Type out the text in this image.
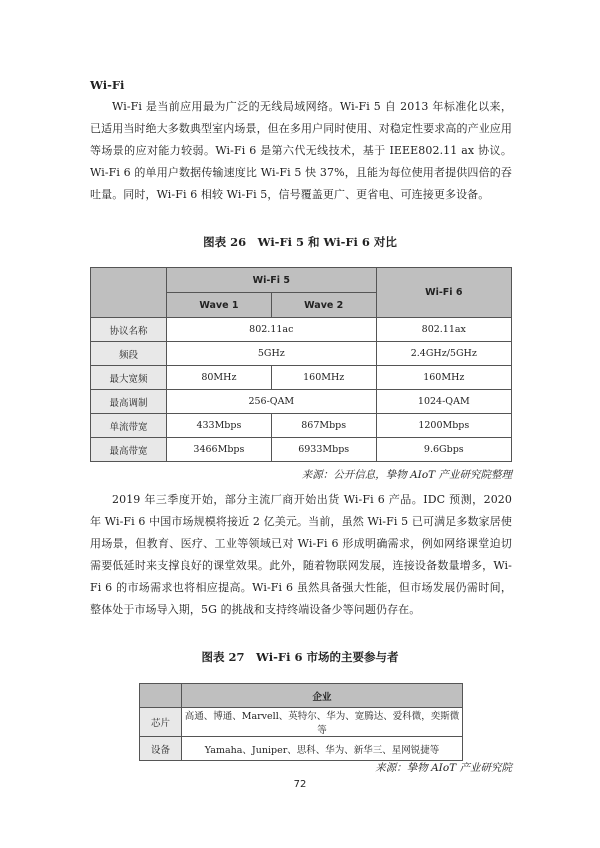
Wi-Fi

Wi-Fi 是当前应用最为广泛的无线局域网络。Wi-Fi 5 自 2013 年标准化以来，已适用当时绝大多数典型室内场景，但在多用户同时使用、对稳定性要求高的产业应用等场景的应对能力较弱。Wi-Fi 6 是第六代无线技术，基于 IEEE802.11 ax 协议。Wi-Fi 6 的单用户数据传输速度比 Wi-Fi 5 快 37%，且能为每位使用者提供四倍的吞吐量。同时，Wi-Fi 6 相较 Wi-Fi 5，信号覆盖更广、更省电、可连接更多设备。

图表 26　Wi-Fi 5 和 Wi-Fi 6 对比
	Wi-Fi 5		Wi-Fi 6
	Wave 1	Wave 2	
协议名称	802.11ac		802.11ax
频段	5GHz		2.4GHz/5GHz
最大宽频	80MHz	160MHz	160MHz
最高调制	256-QAM		1024-QAM
单流带宽	433Mbps	867Mbps	1200Mbps
最高带宽	3466Mbps	6933Mbps	9.6Gbps
来源：公开信息，挚物 AIoT 产业研究院整理

2019 年三季度开始，部分主流厂商开始出货 Wi-Fi 6 产品。IDC 预测，2020 年 Wi-Fi 6 中国市场规模将接近 2 亿美元。当前，虽然 Wi-Fi 5 已可满足多数家居使用场景，但教育、医疗、工业等领域已对 Wi-Fi 6 形成明确需求，例如网络课堂迫切需要低延时来支撑良好的课堂效果。此外，随着物联网发展，连接设备数量增多，Wi-Fi 6 的市场需求也将相应提高。Wi-Fi 6 虽然具备强大性能，但市场发展仍需时间，整体处于市场导入期，5G 的挑战和支持终端设备少等问题仍存在。

图表 27　Wi-Fi 6 市场的主要参与者
	企业
芯片	高通、博通、Marvell、英特尔、华为、宽腾达、爱科微，奕斯微等
设备	Yamaha、Juniper、思科、华为、新华三、星网锐捷等
来源：挚物 AIoT 产业研究院
72
